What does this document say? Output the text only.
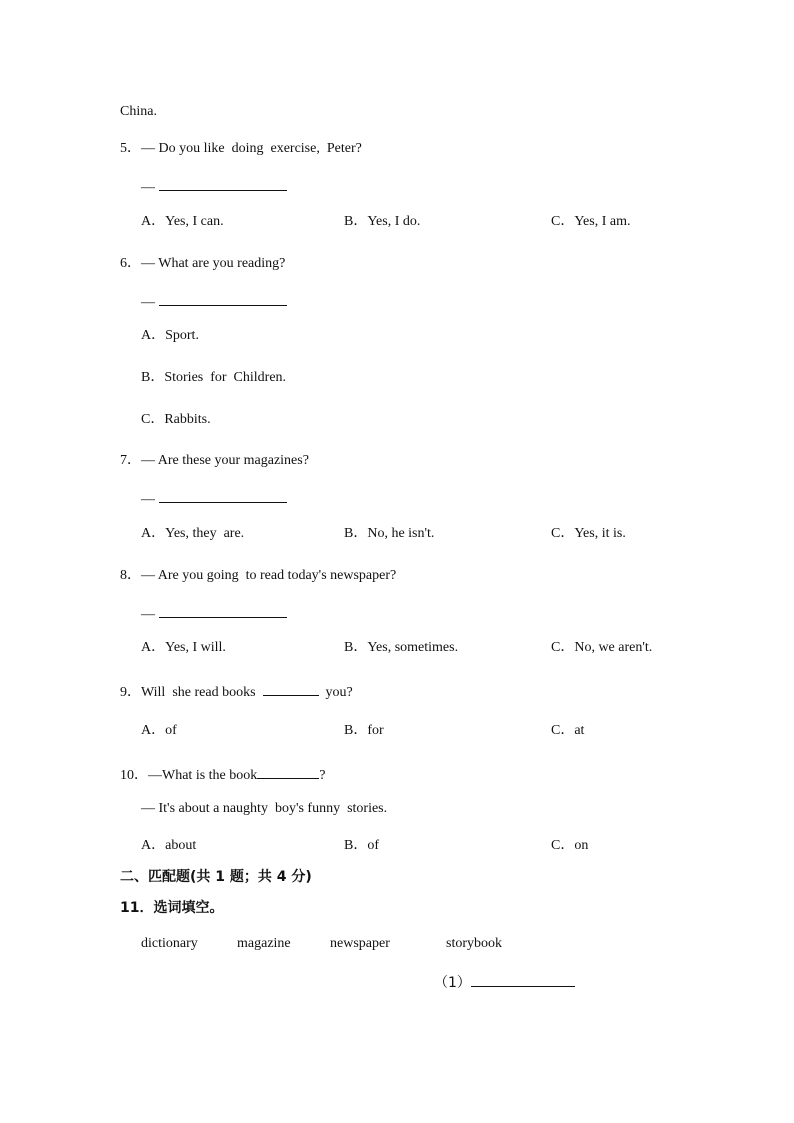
China.
5．— Do you like  doing  exercise,  Peter?
—
A．Yes, I can.	B．Yes, I do.	C．Yes, I am.
6．— What are you reading?
—
A．Sport.
B．Stories  for  Children.
C．Rabbits.
7．— Are these your magazines?
—
A．Yes, they  are.	B．No, he isn't.	C．Yes, it is.
8．— Are you going  to read today's newspaper?
—
A．Yes, I will.	B．Yes, sometimes.	C．No, we aren't.
9．Will  she read books	you?
A．of	B．for	C．at
10．—What is the book	?
— It's about a naughty  boy's funny  stories.
A．about	B．of	C．on
二、匹配题(共 1 题；共 4 分)
11．选词填空。
dictionary	magazine	newspaper	storybook
（1）
